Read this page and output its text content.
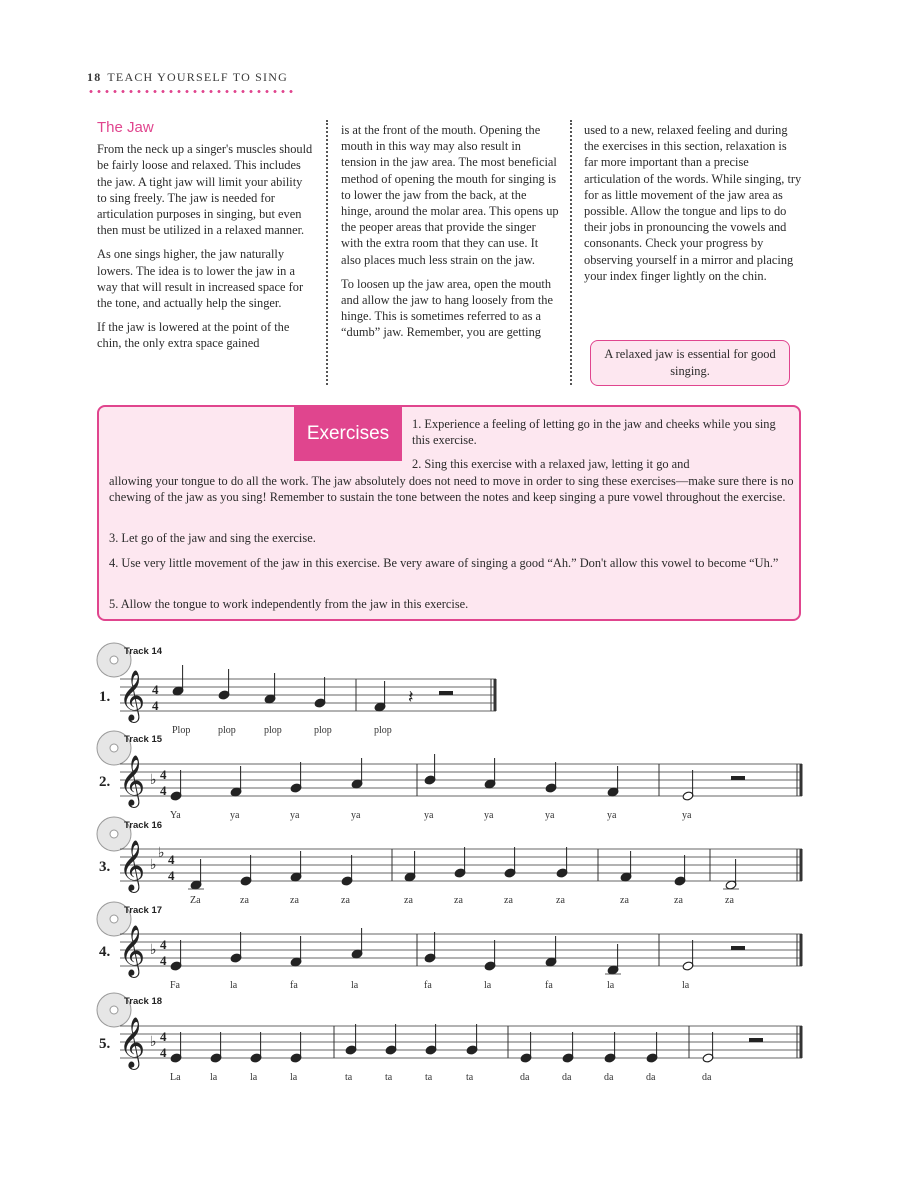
18 TEACH YOURSELF TO SING
The Jaw

From the neck up a singer's muscles should be fairly loose and relaxed. This includes the jaw. A tight jaw will limit your ability to sing freely. The jaw is needed for articulation purposes in singing, but even then must be utilized in a relaxed manner.

As one sings higher, the jaw naturally lowers. The idea is to lower the jaw in a way that will result in increased space for the tone, and actually help the singer.

If the jaw is lowered at the point of the chin, the only extra space gained

is at the front of the mouth. Opening the mouth in this way may also result in tension in the jaw area. The most beneficial method of opening the mouth for singing is to lower the jaw from the back, at the hinge, around the molar area. This opens up the peoper areas that provide the singer with the extra room that they can use. It also places much less strain on the jaw.

To loosen up the jaw area, open the mouth and allow the jaw to hang loosely from the hinge. This is sometimes referred to as a “dumb” jaw. Remember, you are getting

used to a new, relaxed feeling and during the exercises in this section, relaxation is far more important than a precise articulation of the words. While singing, try for as little movement of the jaw area as possible. Allow the tongue and lips to do their jobs in pronouncing the vowels and consonants. Check your progress by observing yourself in a mirror and placing your index finger lightly on the chin.

A relaxed jaw is essential for good singing.
Exercises	1. Experience a feeling of letting go in the jaw and cheeks while you sing this exercise.
2. Sing this exercise with a relaxed jaw, letting it go and
allowing your tongue to do all the work. The jaw absolutely does not need to move in order to sing these exercises—make sure there is no chewing of the jaw as you sing! Remember to sustain the tone between the notes and keep singing a pure vowel throughout the exercise.
3. Let go of the jaw and sing the exercise.
4. Use very little movement of the jaw in this exercise. Be very aware of singing a good “Ah.” Don't allow this vowel to become “Uh.”
5. Allow the tongue to work independently from the jaw in this exercise.
Track 14
1. 𝄞 4
4
Plop	plop	plop	plop	plop
𝄽
Track 15
2. 𝄞 ♭ 4
4
Ya	ya	ya	ya	ya	ya	ya	ya	ya
Track 16
3. 𝄞 ♭
♭ 4
4
Za	za	za	za	za	za	za	za	za	za	za
Track 17
4. 𝄞 ♭ 4
4
Fa	la	fa	la	fa	la	fa	la	la
Track 18
5. 𝄞 ♭ 4
4
La	la	la	la	ta	ta	ta	ta	da	da	da	da	da
